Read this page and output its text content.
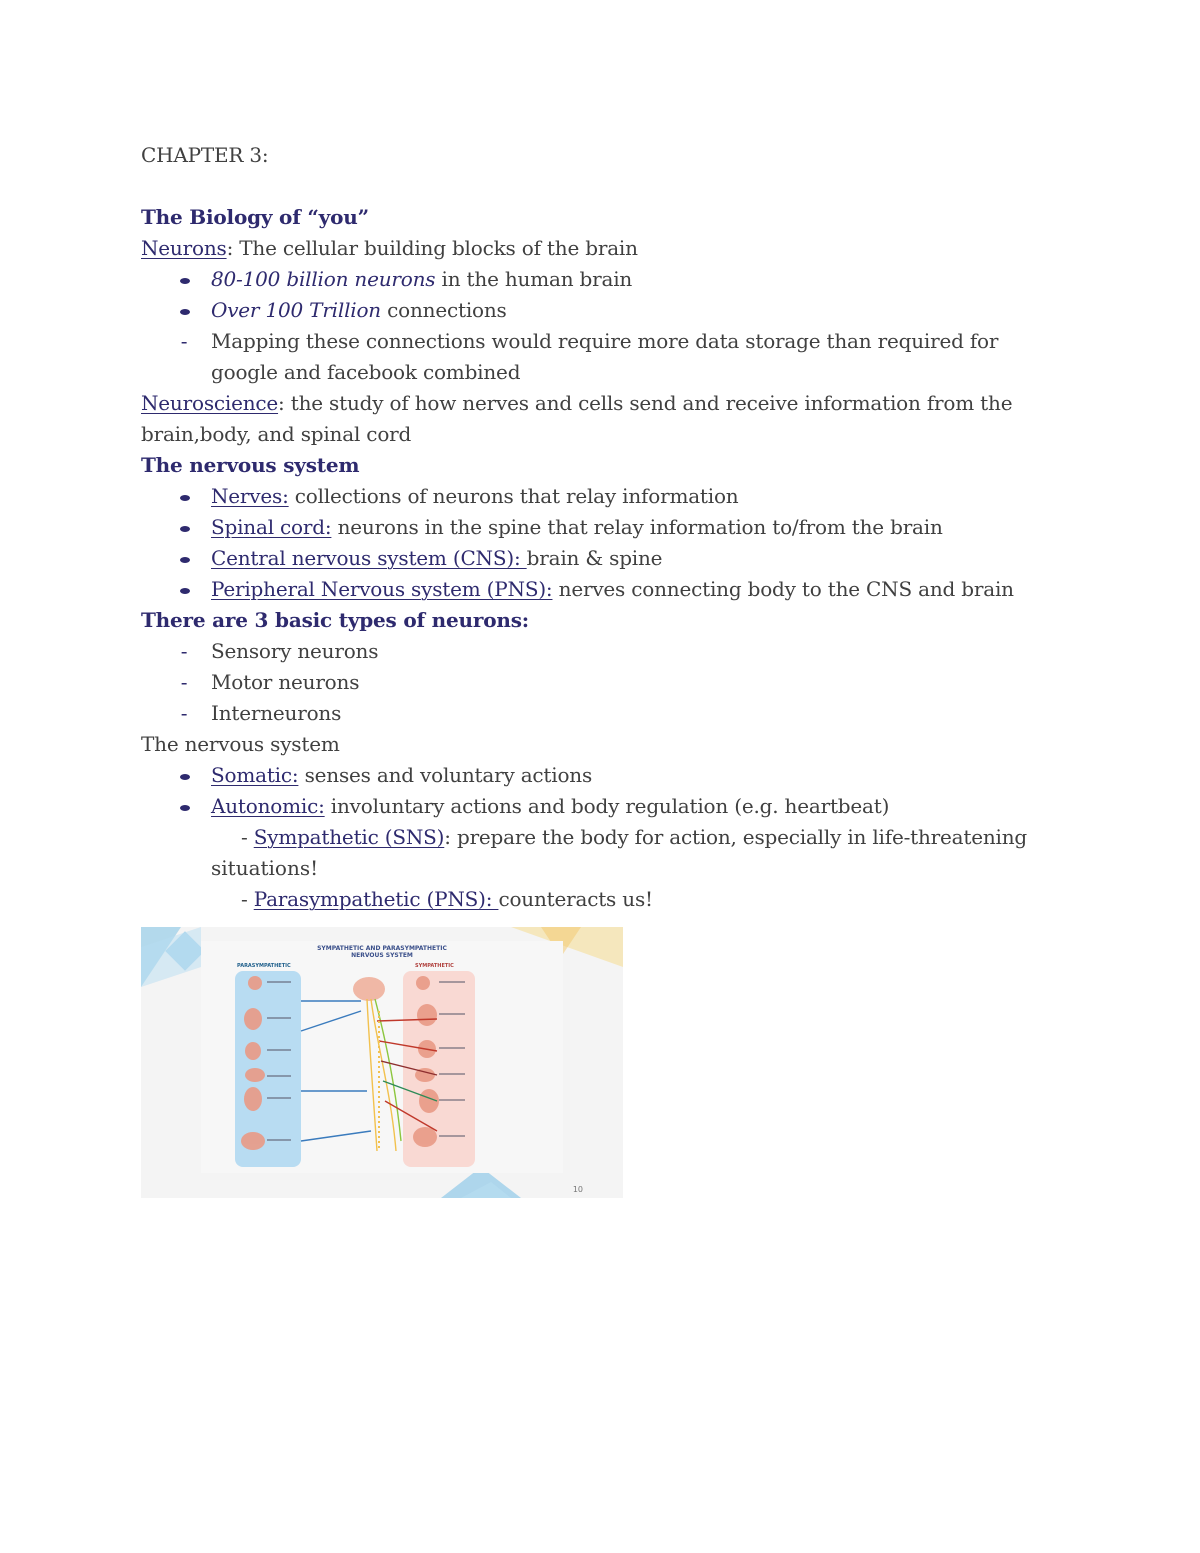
CHAPTER 3:
The Biology of “you”
Neurons: The cellular building blocks of the brain
80-100 billion neurons in the human brain
Over 100 Trillion connections
-	Mapping these connections would require more data storage than required for google and facebook combined
Neuroscience: the study of how nerves and cells send and receive information from the
brain,body, and spinal cord
The nervous system
Nerves: collections of neurons that relay information
Spinal cord: neurons in the spine that relay information to/from the brain
Central nervous system (CNS): brain & spine
Peripheral Nervous system (PNS): nerves connecting body to the CNS and brain
There are 3 basic types of neurons:
-	Sensory neurons
-	Motor neurons
-	Interneurons
The nervous system
Somatic: senses and voluntary actions
Autonomic: involuntary actions and body regulation (e.g. heartbeat)
- Sympathetic (SNS): prepare the body for action, especially in life-threatening
situations!
- Parasympathetic (PNS): counteracts us!
SYMPATHETIC AND PARASYMPATHETIC
NERVOUS SYSTEM
PARASYMPATHETIC	SYMPATHETIC
10
